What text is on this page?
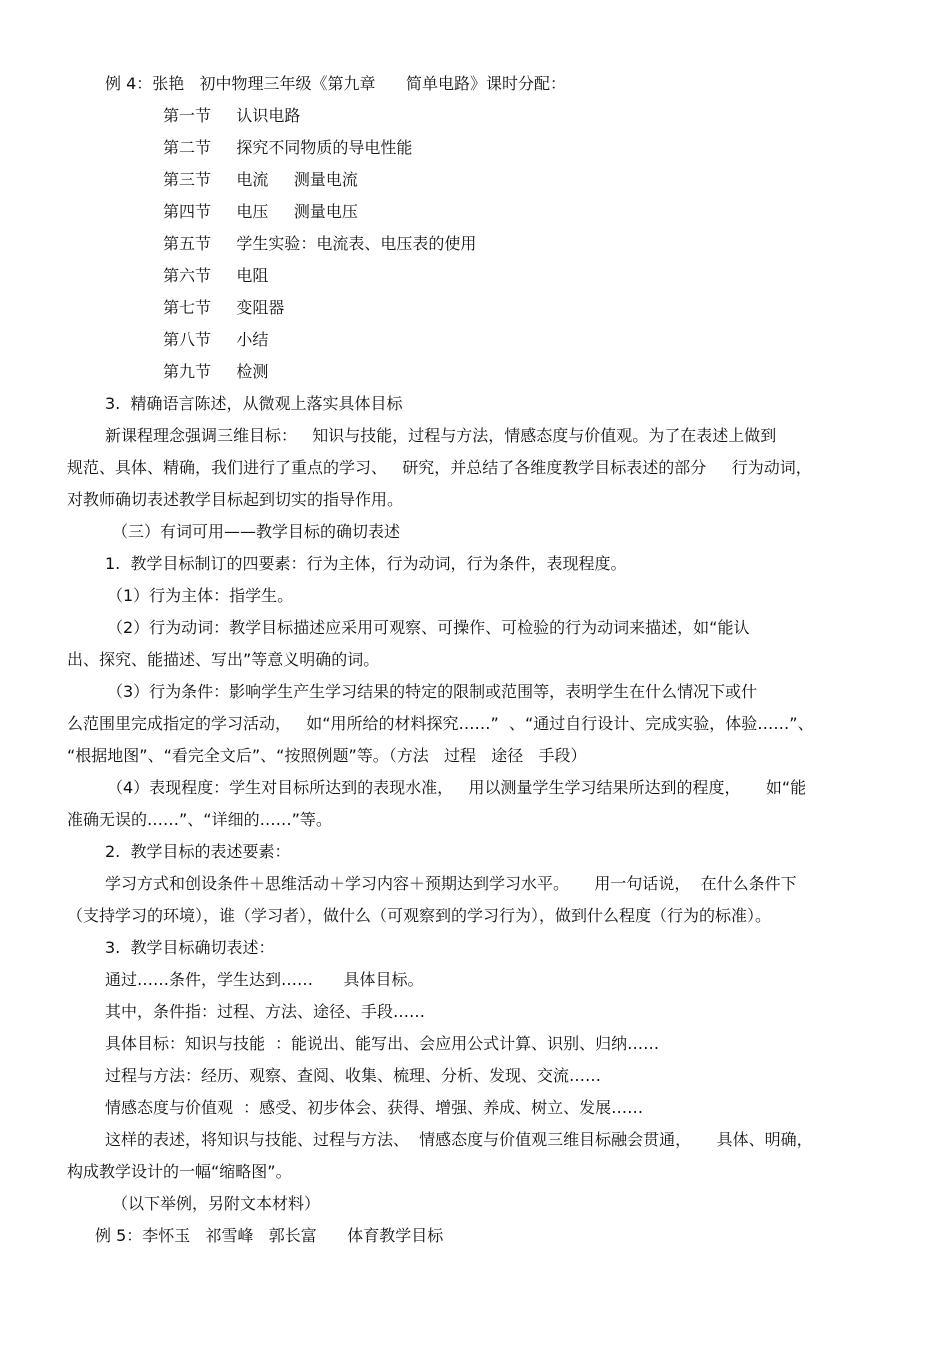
例 4：张艳   初中物理三年级《第九章      简单电路》课时分配：
第一节     认识电路
第二节     探究不同物质的导电性能
第三节     电流     测量电流
第四节     电压     测量电压
第五节     学生实验：电流表、电压表的使用
第六节     电阻
第七节     变阻器
第八节     小结
第九节     检测
3.  精确语言陈述，从微观上落实具体目标
新课程理念强调三维目标：   知识与技能，过程与方法，情感态度与价值观。为了在表述上做到
规范、具体、精确，我们进行了重点的学习、   研究，并总结了各维度教学目标表述的部分     行为动词，
对教师确切表述教学目标起到切实的指导作用。
（三）有词可用——教学目标的确切表述
1.  教学目标制订的四要素：行为主体，行为动词，行为条件，表现程度。
（1）行为主体：指学生。
（2）行为动词：教学目标描述应采用可观察、可操作、可检验的行为动词来描述，如“能认
出、探究、能描述、写出”等意义明确的词。
（3）行为条件：影响学生产生学习结果的特定的限制或范围等，表明学生在什么情况下或什
么范围里完成指定的学习活动，   如“用所给的材料探究……”  、“通过自行设计、完成实验，体验……”、
“根据地图”、“看完全文后”、“按照例题”等。（方法   过程   途径   手段）
（4）表现程度：学生对目标所达到的表现水准，   用以测量学生学习结果所达到的程度，     如“能
准确无误的……”、“详细的……”等。
2.  教学目标的表述要素：
学习方式和创设条件＋思维活动＋学习内容＋预期达到学习水平。     用一句话说，  在什么条件下
（支持学习的环境），谁（学习者），做什么（可观察到的学习行为），做到什么程度（行为的标准）。
3.  教学目标确切表述：
通过……条件，学生达到……      具体目标。
其中，条件指：过程、方法、途径、手段……
具体目标：知识与技能  ：能说出、能写出、会应用公式计算、识别、归纳……
过程与方法：经历、观察、查阅、收集、梳理、分析、发现、交流……
情感态度与价值观  ：感受、初步体会、获得、增强、养成、树立、发展……
这样的表述，将知识与技能、过程与方法、  情感态度与价值观三维目标融会贯通，     具体、明确，
构成教学设计的一幅“缩略图”。
（以下举例，另附文本材料）
例 5：李怀玉   祁雪峰   郭长富      体育教学目标
